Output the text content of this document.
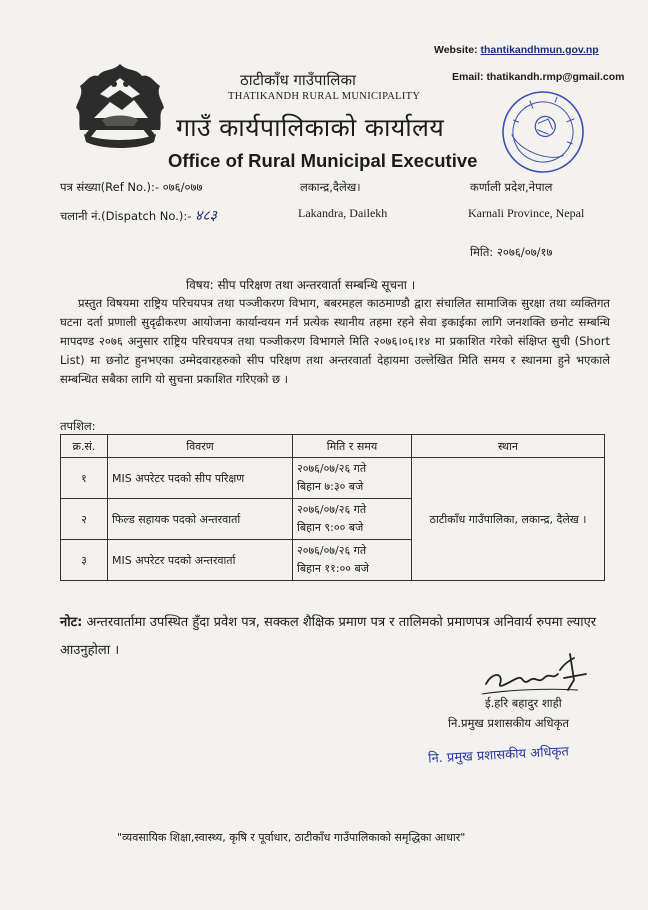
Website: thantikandhmun.gov.np
Email: thatikandh.rmp@gmail.com
ठाटीकाँध गाउँपालिका
THATIKANDH RURAL MUNICIPALITY
गाउँ कार्यपालिकाको कार्यालय
Office of Rural Municipal Executive
पत्र संख्या(Ref No.):- ०७६/०७७	लकान्द्र,दैलेख।	कर्णाली प्रदेश,नेपाल
चलानी नं.(Dispatch No.):- ४८३	Lakandra, Dailekh	Karnali Province, Nepal
मिति: २०७६/०७/१७
विषय: सीप परिक्षण तथा अन्तरवार्ता सम्बन्धि सूचना ।
प्रस्तुत विषयमा राष्ट्रिय परिचयपत्र तथा पञ्जीकरण विभाग, बबरमहल काठमाण्डौ द्वारा संचालित सामाजिक सुरक्षा तथा व्यक्तिगत घटना दर्ता प्रणाली सुदृढीकरण आयोजना कार्यान्वयन गर्न प्रत्येक स्थानीय तहमा रहने सेवा इकाईका लागि जनशक्ति छनोट सम्बन्धि मापदण्ड २०७६ अनुसार राष्ट्रिय परिचयपत्र तथा पञ्जीकरण विभागले मिति २०७६।०६।१४ मा प्रकाशित गरेको संक्षिप्त सुची (Short List) मा छनोट हुनभएका उम्मेदवारहरुको सीप परिक्षण तथा अन्तरवार्ता देहायमा उल्लेखित मिति समय र स्थानमा हुने भएकाले सम्बन्धित सबैका लागि यो सुचना प्रकाशित गरिएको छ ।
तपशिल:
क्र.सं.	विवरण	मिति र समय	स्थान
१	MIS अपरेटर पदको सीप परिक्षण	२०७६/०७/२६ गते
बिहान ७:३० बजे	ठाटीकाँध गाउँपालिका, लकान्द्र, दैलेख ।
२	फिल्ड सहायक पदको अन्तरवार्ता	२०७६/०७/२६ गते
बिहान ९:०० बजे	

३	MIS अपरेटर पदको अन्तरवार्ता	२०७६/०७/२६ गते
बिहान ११:०० बजे	
नोट: अन्तरवार्तामा उपस्थित हुँदा प्रवेश पत्र, सक्कल शैक्षिक प्रमाण पत्र र तालिमको प्रमाणपत्र अनिवार्य रुपमा ल्याएर आउनुहोला ।
ई.हरि बहादुर शाही
नि.प्रमुख प्रशासकीय अधिकृत
नि. प्रमुख प्रशासकीय अधिकृत
"व्यवसायिक शिक्षा,स्वास्थ्य, कृषि र पूर्वाधार, ठाटीकाँध गाउँपालिकाको समृद्धिका आधार"
